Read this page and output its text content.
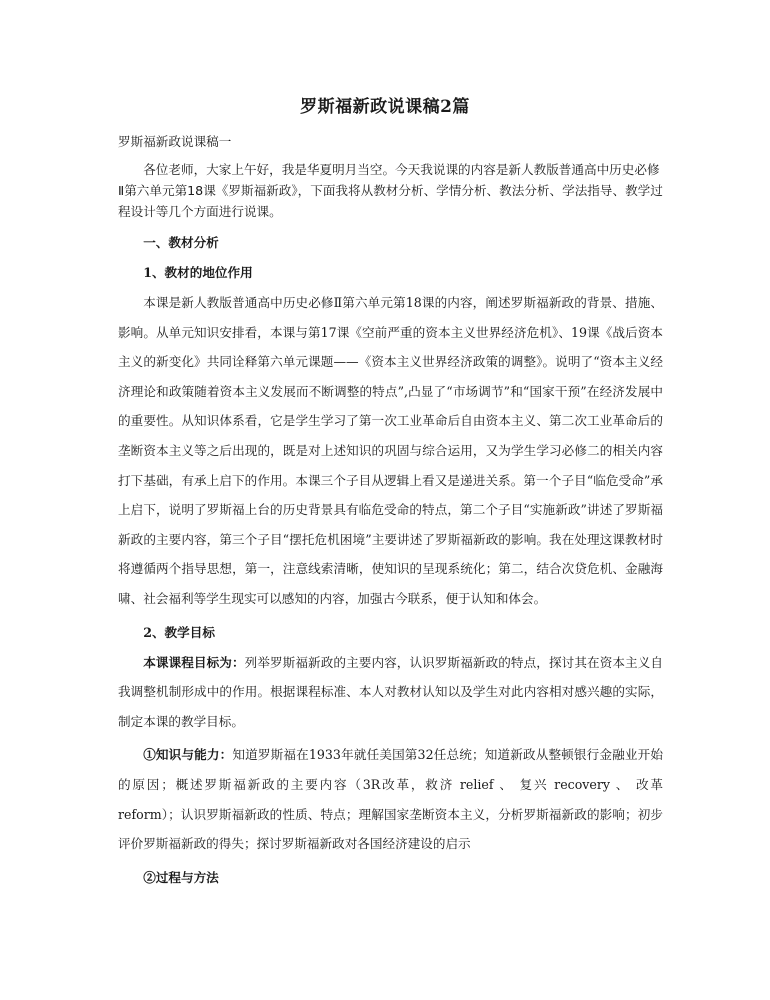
罗斯福新政说课稿2篇

罗斯福新政说课稿一

各位老师，大家上午好，我是华夏明月当空。今天我说课的内容是新人教版普通高中历史必修Ⅱ第六单元第18课《罗斯福新政》，下面我将从教材分析、学情分析、教法分析、学法指导、教学过程设计等几个方面进行说课。

一、教材分析

1、教材的地位作用

本课是新人教版普通高中历史必修Ⅱ第六单元第18课的内容，阐述罗斯福新政的背景、措施、影响。从单元知识安排看，本课与第17课《空前严重的资本主义世界经济危机》、19课《战后资本主义的新变化》共同诠释第六单元课题——《资本主义世界经济政策的调整》。说明了“资本主义经济理论和政策随着资本主义发展而不断调整的特点”,凸显了“市场调节”和“国家干预”在经济发展中的重要性。从知识体系看，它是学生学习了第一次工业革命后自由资本主义、第二次工业革命后的垄断资本主义等之后出现的，既是对上述知识的巩固与综合运用，又为学生学习必修二的相关内容打下基础，有承上启下的作用。本课三个子目从逻辑上看又是递进关系。第一个子目“临危受命”承上启下，说明了罗斯福上台的历史背景具有临危受命的特点，第二个子目“实施新政”讲述了罗斯福新政的主要内容，第三个子目“摆托危机困境”主要讲述了罗斯福新政的影响。我在处理这课教材时将遵循两个指导思想，第一，注意线索清晰，使知识的呈现系统化；第二，结合次贷危机、金融海啸、社会福利等学生现实可以感知的内容，加强古今联系，便于认知和体会。

2、教学目标

本课课程目标为：列举罗斯福新政的主要内容，认识罗斯福新政的特点，探讨其在资本主义自我调整机制形成中的作用。根据课程标准、本人对教材认知以及学生对此内容相对感兴趣的实际，制定本课的教学目标。

①知识与能力：知道罗斯福在1933年就任美国第32任总统；知道新政从整顿银行金融业开始的原因；概述罗斯福新政的主要内容（3R改革，救济 relief 、 复兴 recovery 、 改革 reform）；认识罗斯福新政的性质、特点；理解国家垄断资本主义，分析罗斯福新政的影响；初步评价罗斯福新政的得失；探讨罗斯福新政对各国经济建设的启示

②过程与方法
